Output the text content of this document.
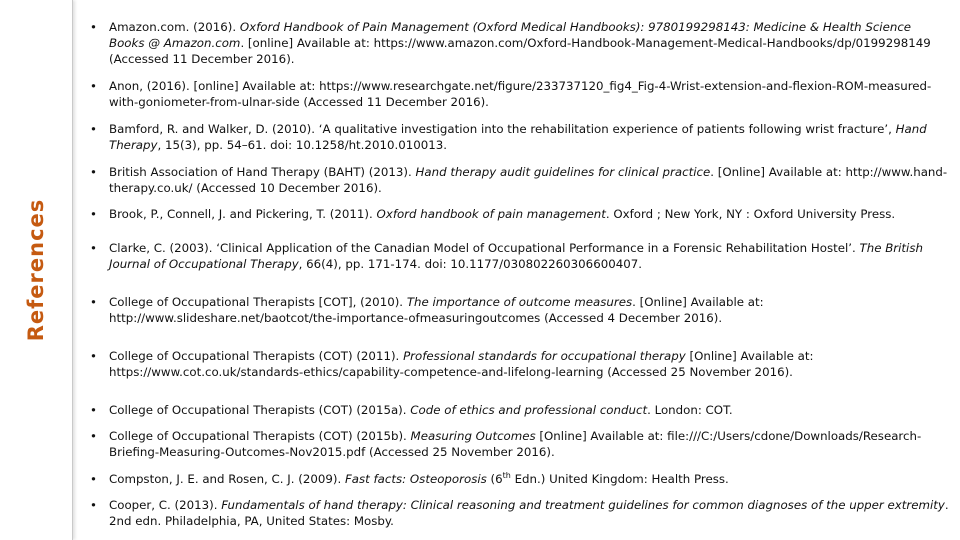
References
• Amazon.com. (2016). Oxford Handbook of Pain Management (Oxford Medical Handbooks): 9780199298143: Medicine & Health Science Books @ Amazon.com. [online] Available at: https://www.amazon.com/Oxford-Handbook-Management-Medical-Handbooks/dp/0199298149 (Accessed 11 December 2016).
• Anon, (2016). [online] Available at: https://www.researchgate.net/figure/233737120_fig4_Fig-4-Wrist-extension-and-flexion-ROM-measured-with-goniometer-from-ulnar-side (Accessed 11 December 2016).
• Bamford, R. and Walker, D. (2010). ‘A qualitative investigation into the rehabilitation experience of patients following wrist fracture’, Hand Therapy, 15(3), pp. 54–61. doi: 10.1258/ht.2010.010013.
• British Association of Hand Therapy (BAHT) (2013). Hand therapy audit guidelines for clinical practice. [Online] Available at: http://www.hand-therapy.co.uk/ (Accessed 10 December 2016).
• Brook, P., Connell, J. and Pickering, T. (2011). Oxford handbook of pain management. Oxford ; New York, NY : Oxford University Press.
• Clarke, C. (2003). ‘Clinical Application of the Canadian Model of Occupational Performance in a Forensic Rehabilitation Hostel’. The British Journal of Occupational Therapy, 66(4), pp. 171-174. doi: 10.1177/030802260306600407.
• College of Occupational Therapists [COT], (2010). The importance of outcome measures. [Online] Available at: http://www.slideshare.net/baotcot/the-importance-ofmeasuringoutcomes (Accessed 4 December 2016).
• College of Occupational Therapists (COT) (2011). Professional standards for occupational therapy [Online] Available at: https://www.cot.co.uk/standards-ethics/capability-competence-and-lifelong-learning (Accessed 25 November 2016).
• College of Occupational Therapists (COT) (2015a). Code of ethics and professional conduct. London: COT.
• College of Occupational Therapists (COT) (2015b). Measuring Outcomes [Online] Available at: file:///C:/Users/cdone/Downloads/Research-Briefing-Measuring-Outcomes-Nov2015.pdf (Accessed 25 November 2016).
• Compston, J. E. and Rosen, C. J. (2009). Fast facts: Osteoporosis (6th Edn.) United Kingdom: Health Press.
• Cooper, C. (2013). Fundamentals of hand therapy: Clinical reasoning and treatment guidelines for common diagnoses of the upper extremity. 2nd edn. Philadelphia, PA, United States: Mosby.
